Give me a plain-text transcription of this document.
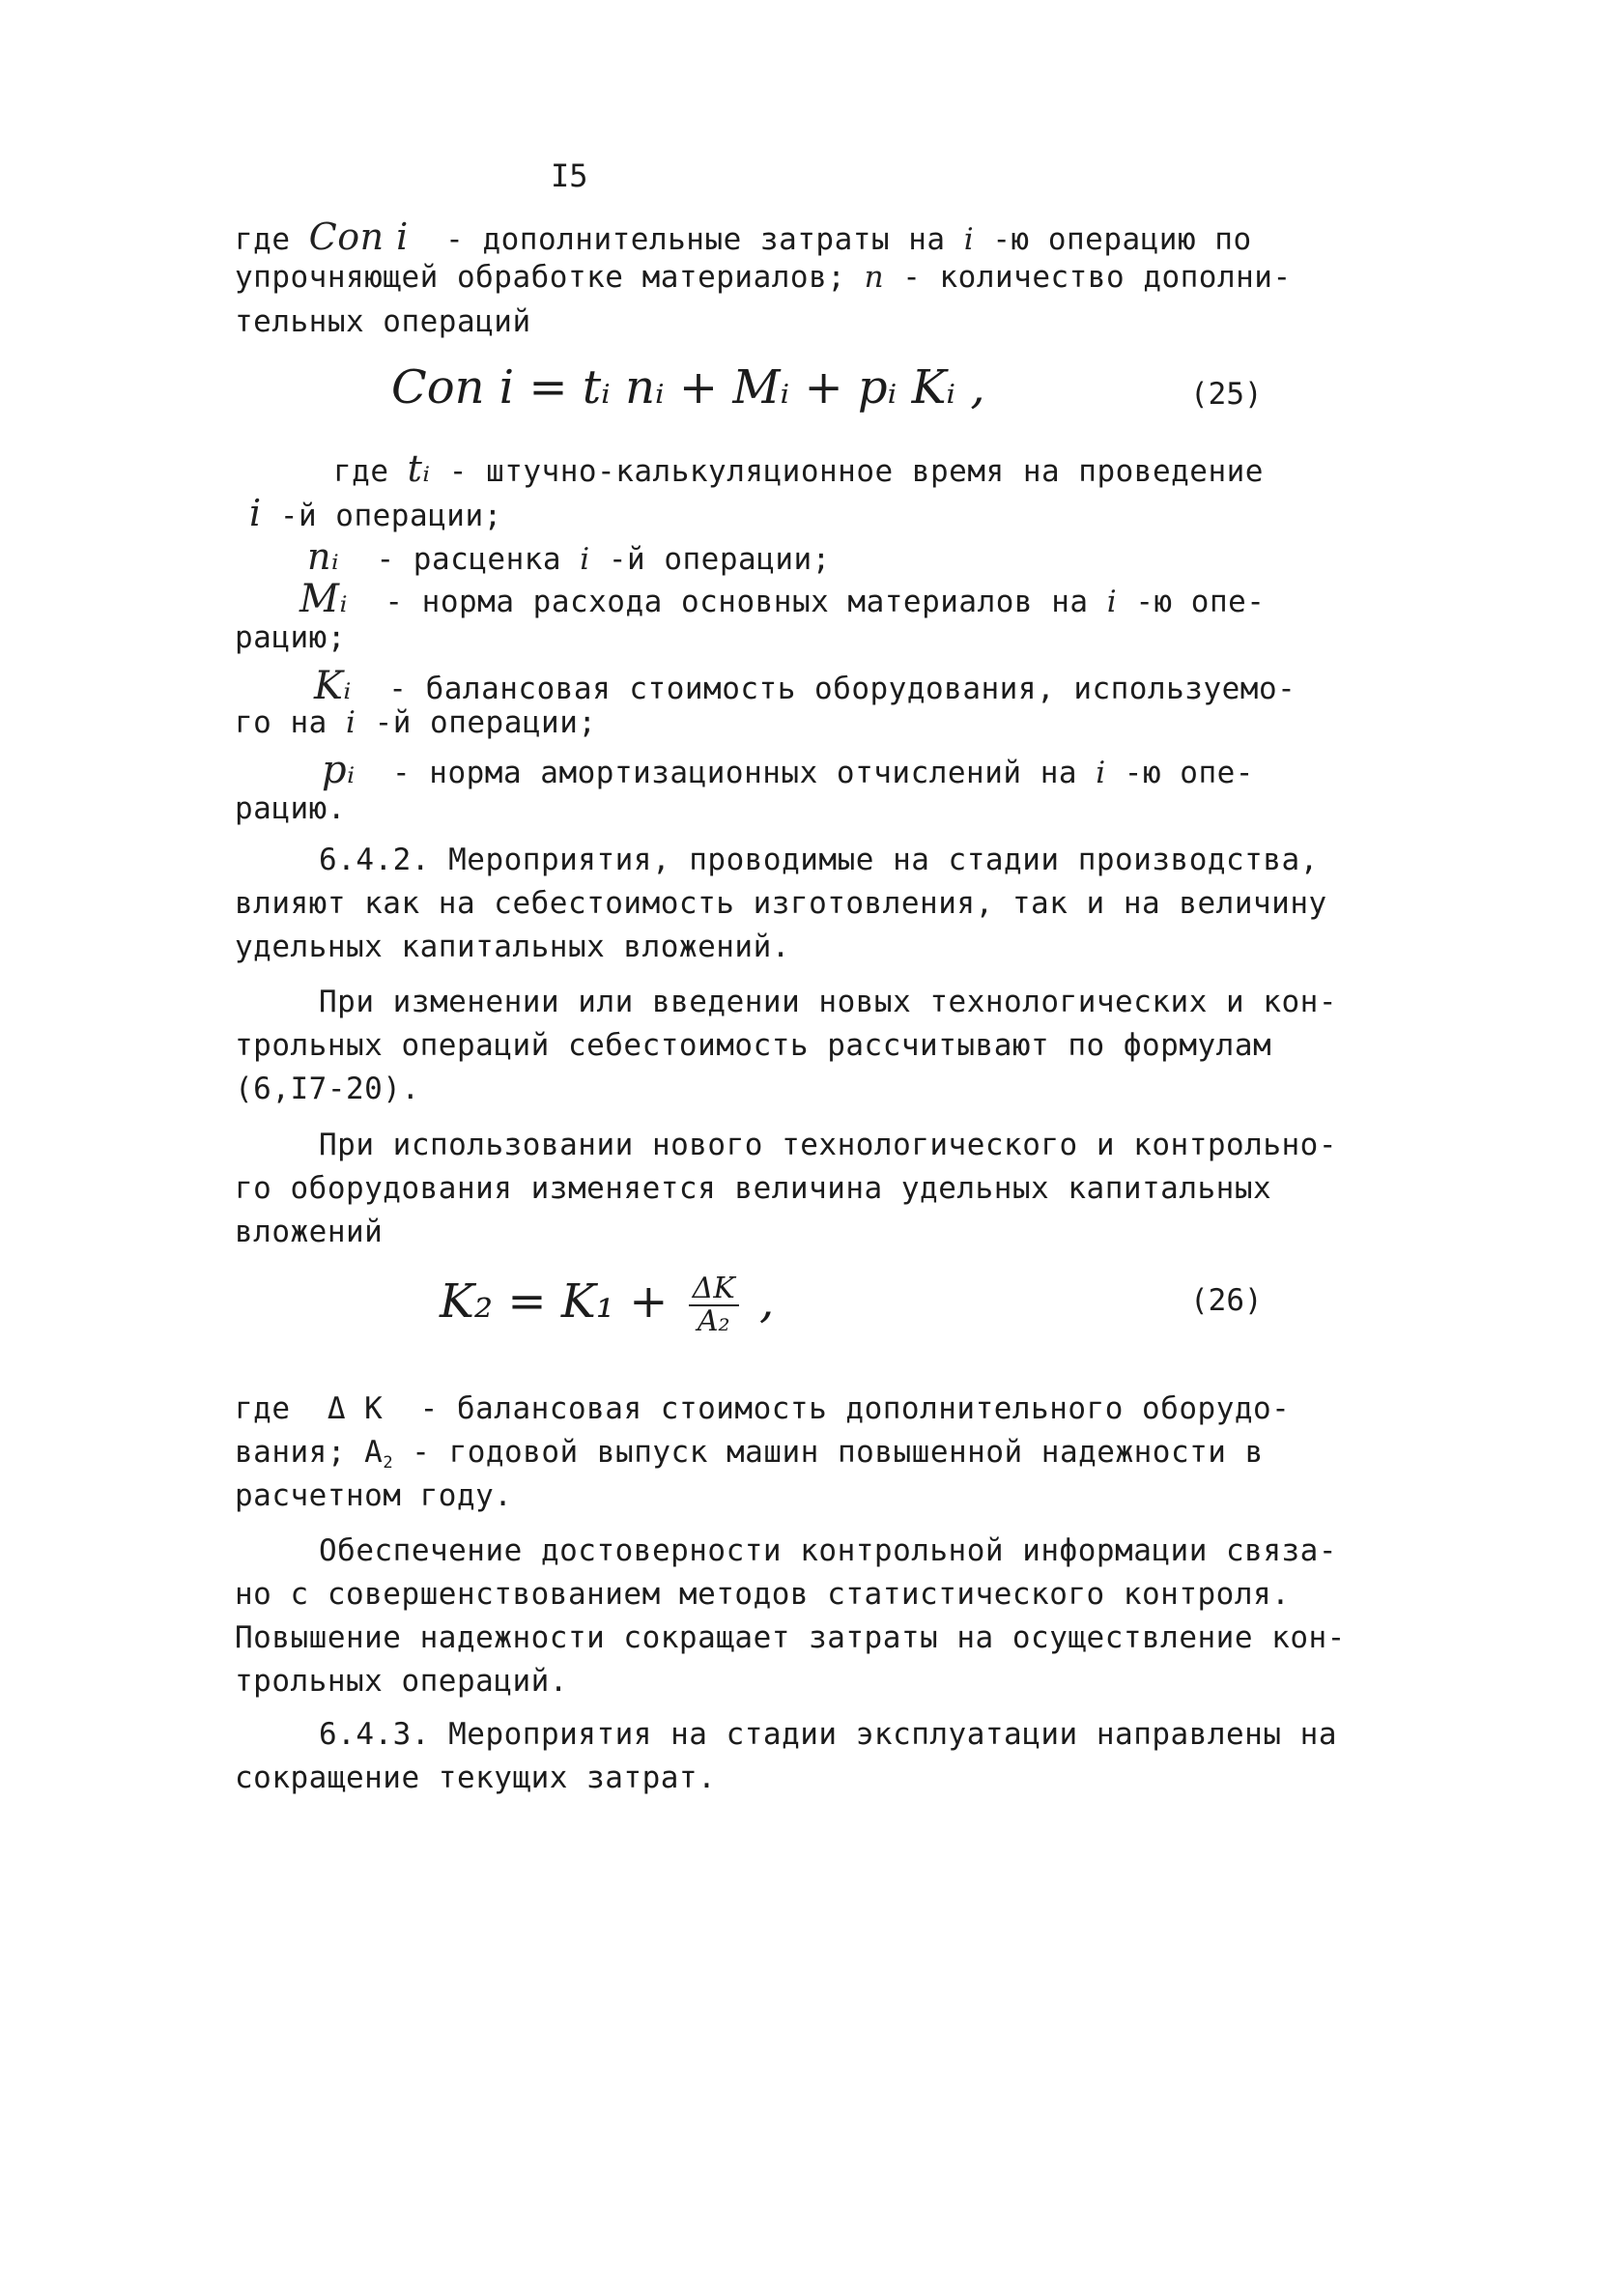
I5
где Cоп i  - дополнительные затраты на i -ю операцию по
упрочняющей обработке материалов; n - количество дополни-
тельных операций
Cоп i = tᵢ nᵢ + Mᵢ + pᵢ Kᵢ ,	(25)
где tᵢ - штучно-калькуляционное время на проведение
i -й операции;
nᵢ  - расценка i -й операции;
Mᵢ  - норма расхода основных материалов на i -ю опе-
рацию;
Kᵢ  - балансовая стоимость оборудования, используемо-
го на i -й операции;
pᵢ  - норма амортизационных отчислений на i -ю опе-
рацию.
6.4.2. Мероприятия, проводимые на стадии производства,
влияют как на себестоимость изготовления, так и на величину
удельных капитальных вложений.
При изменении или введении новых технологических и кон-
трольных операций себестоимость рассчитывают по формулам
(6,I7-20).
При использовании нового технологического и контрольно-
го оборудования изменяется величина удельных капитальных
вложений
$K_2 = K_1 + \frac{\Delta K}{\text{A₂}}$ ,	(26)
где  Δ K  - балансовая стоимость дополнительного оборудо-
вания; $A_2$ - годовой выпуск машин повышенной надежности в
расчетном году.
Обеспечение достоверности контрольной информации связа-
но с совершенствованием методов статистического контроля.
Повышение надежности сокращает затраты на осуществление кон-
трольных операций.
6.4.3. Мероприятия на стадии эксплуатации направлены на
сокращение текущих затрат.
